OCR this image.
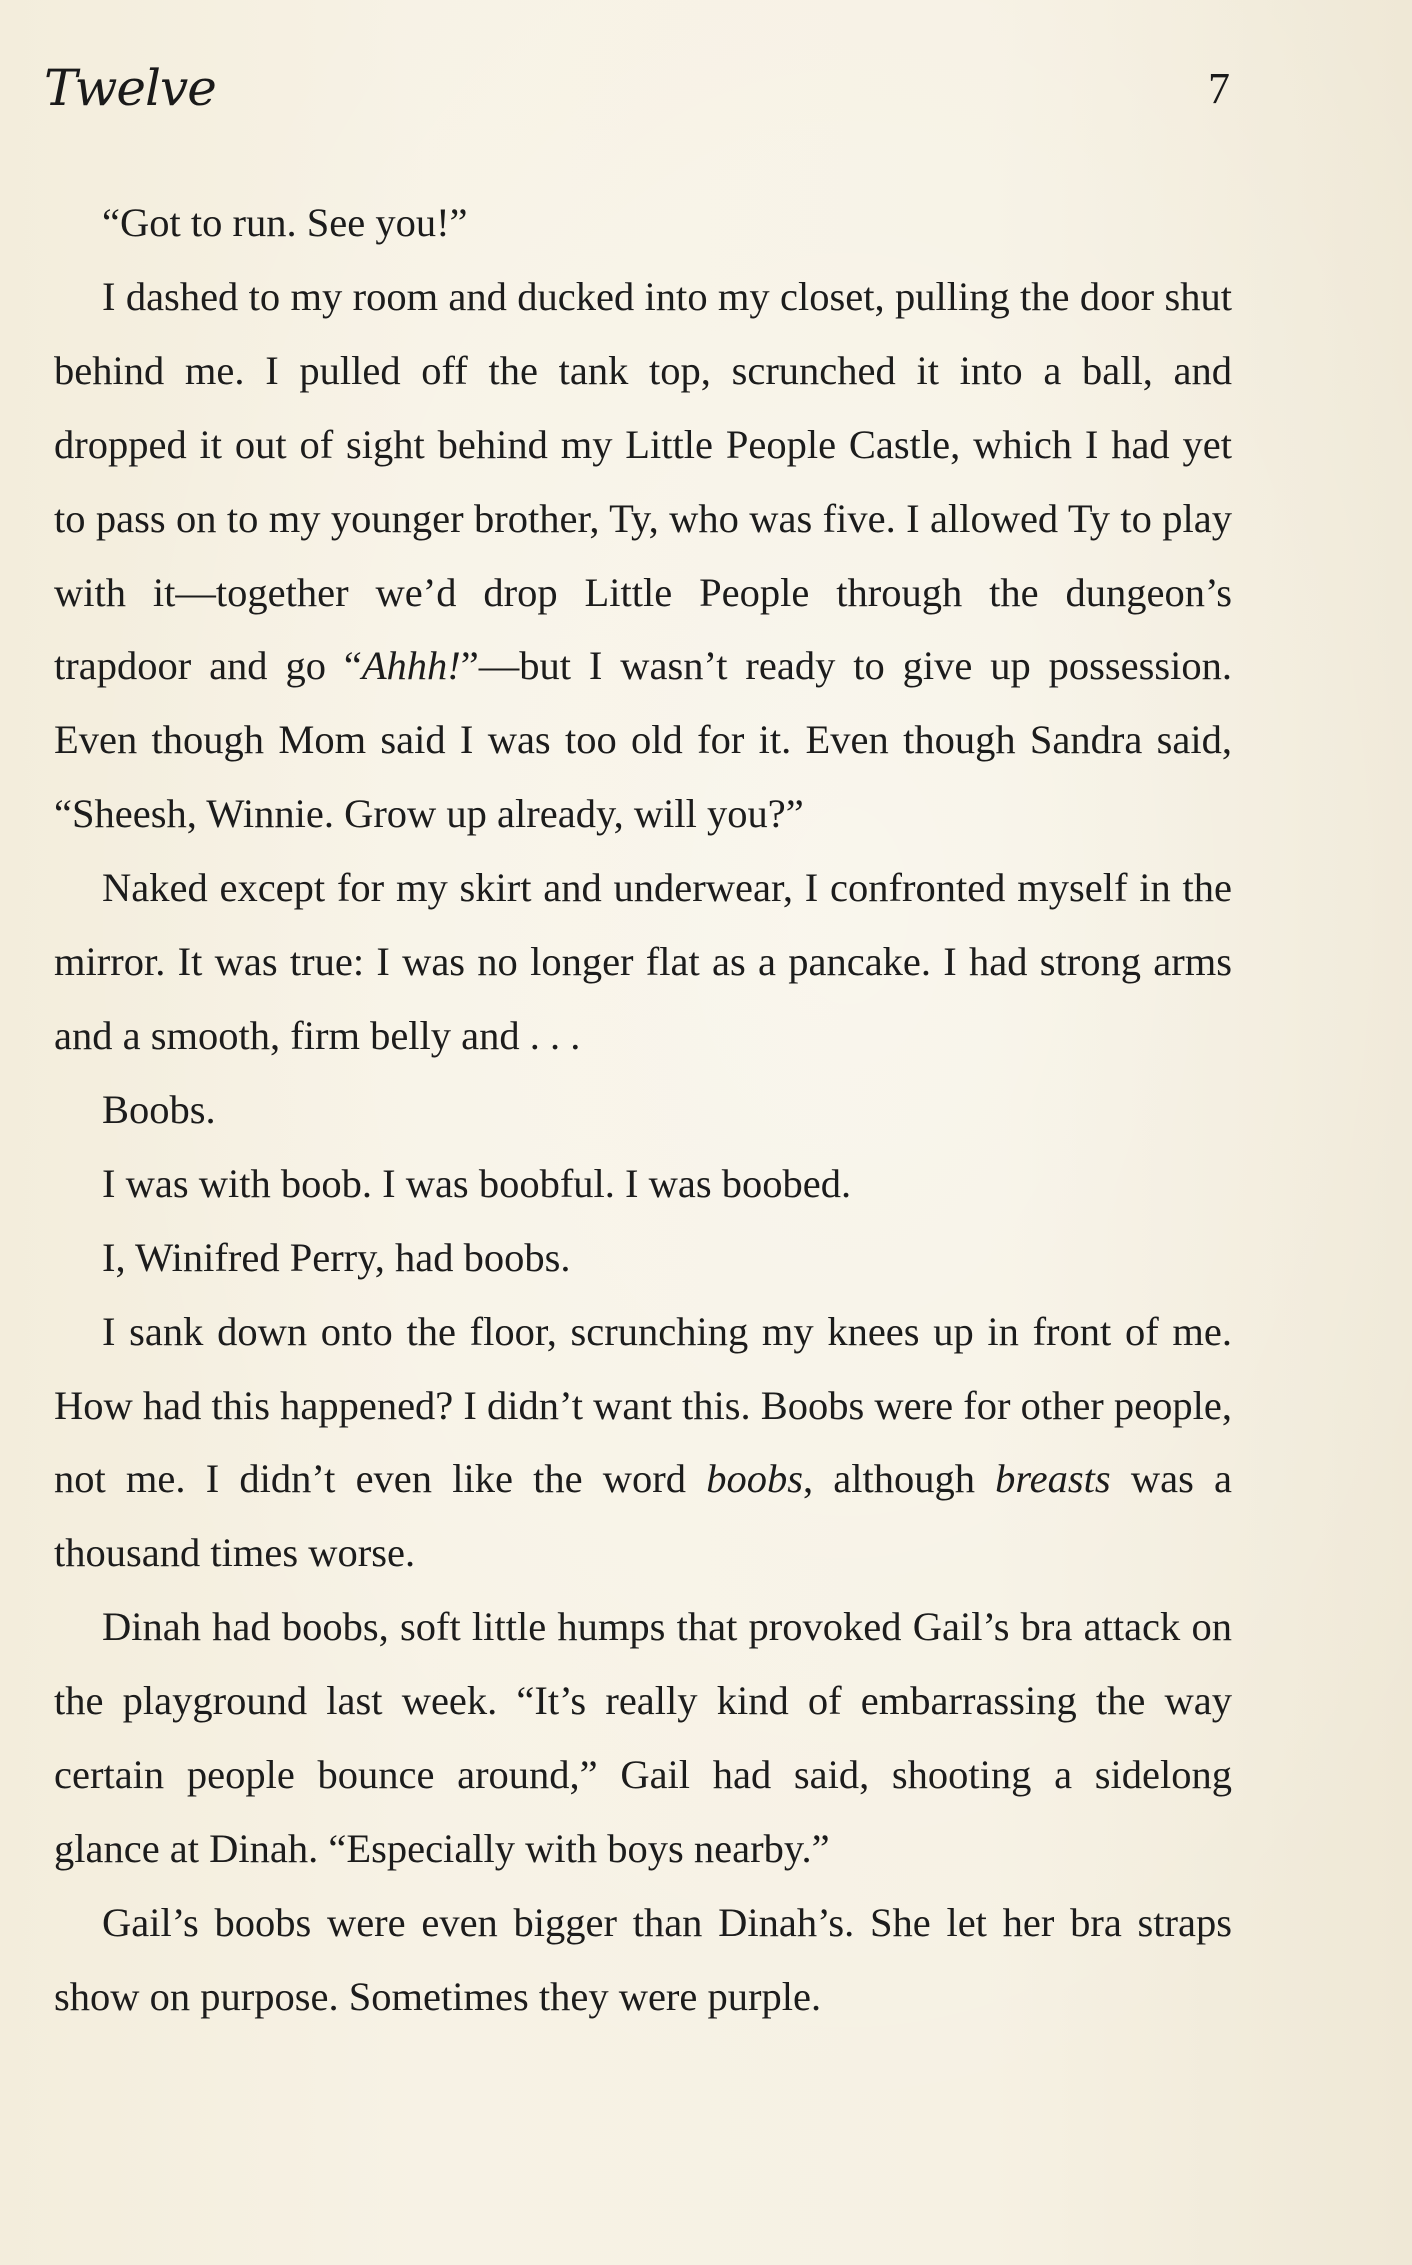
Twelve	7

“Got to run. See you!”

I dashed to my room and ducked into my closet, pulling the door shut behind me. I pulled off the tank top, scrunched it into a ball, and dropped it out of sight behind my Little People Castle, which I had yet to pass on to my younger brother, Ty, who was five. I allowed Ty to play with it—together we’d drop Little People through the dungeon’s trapdoor and go “Ahhh!”—but I wasn’t ready to give up possession. Even though Mom said I was too old for it. Even though Sandra said, “Sheesh, Winnie. Grow up already, will you?”

Naked except for my skirt and underwear, I confronted myself in the mirror. It was true: I was no longer flat as a pancake. I had strong arms and a smooth, firm belly and . . .

Boobs.

I was with boob. I was boobful. I was boobed.

I, Winifred Perry, had boobs.

I sank down onto the floor, scrunching my knees up in front of me. How had this happened? I didn’t want this. Boobs were for other people, not me. I didn’t even like the word boobs, although breasts was a thousand times worse.

Dinah had boobs, soft little humps that provoked Gail’s bra attack on the playground last week. “It’s really kind of embarrassing the way certain people bounce around,” Gail had said, shooting a sidelong glance at Dinah. “Especially with boys nearby.”

Gail’s boobs were even bigger than Dinah’s. She let her bra straps show on purpose. Sometimes they were purple.
